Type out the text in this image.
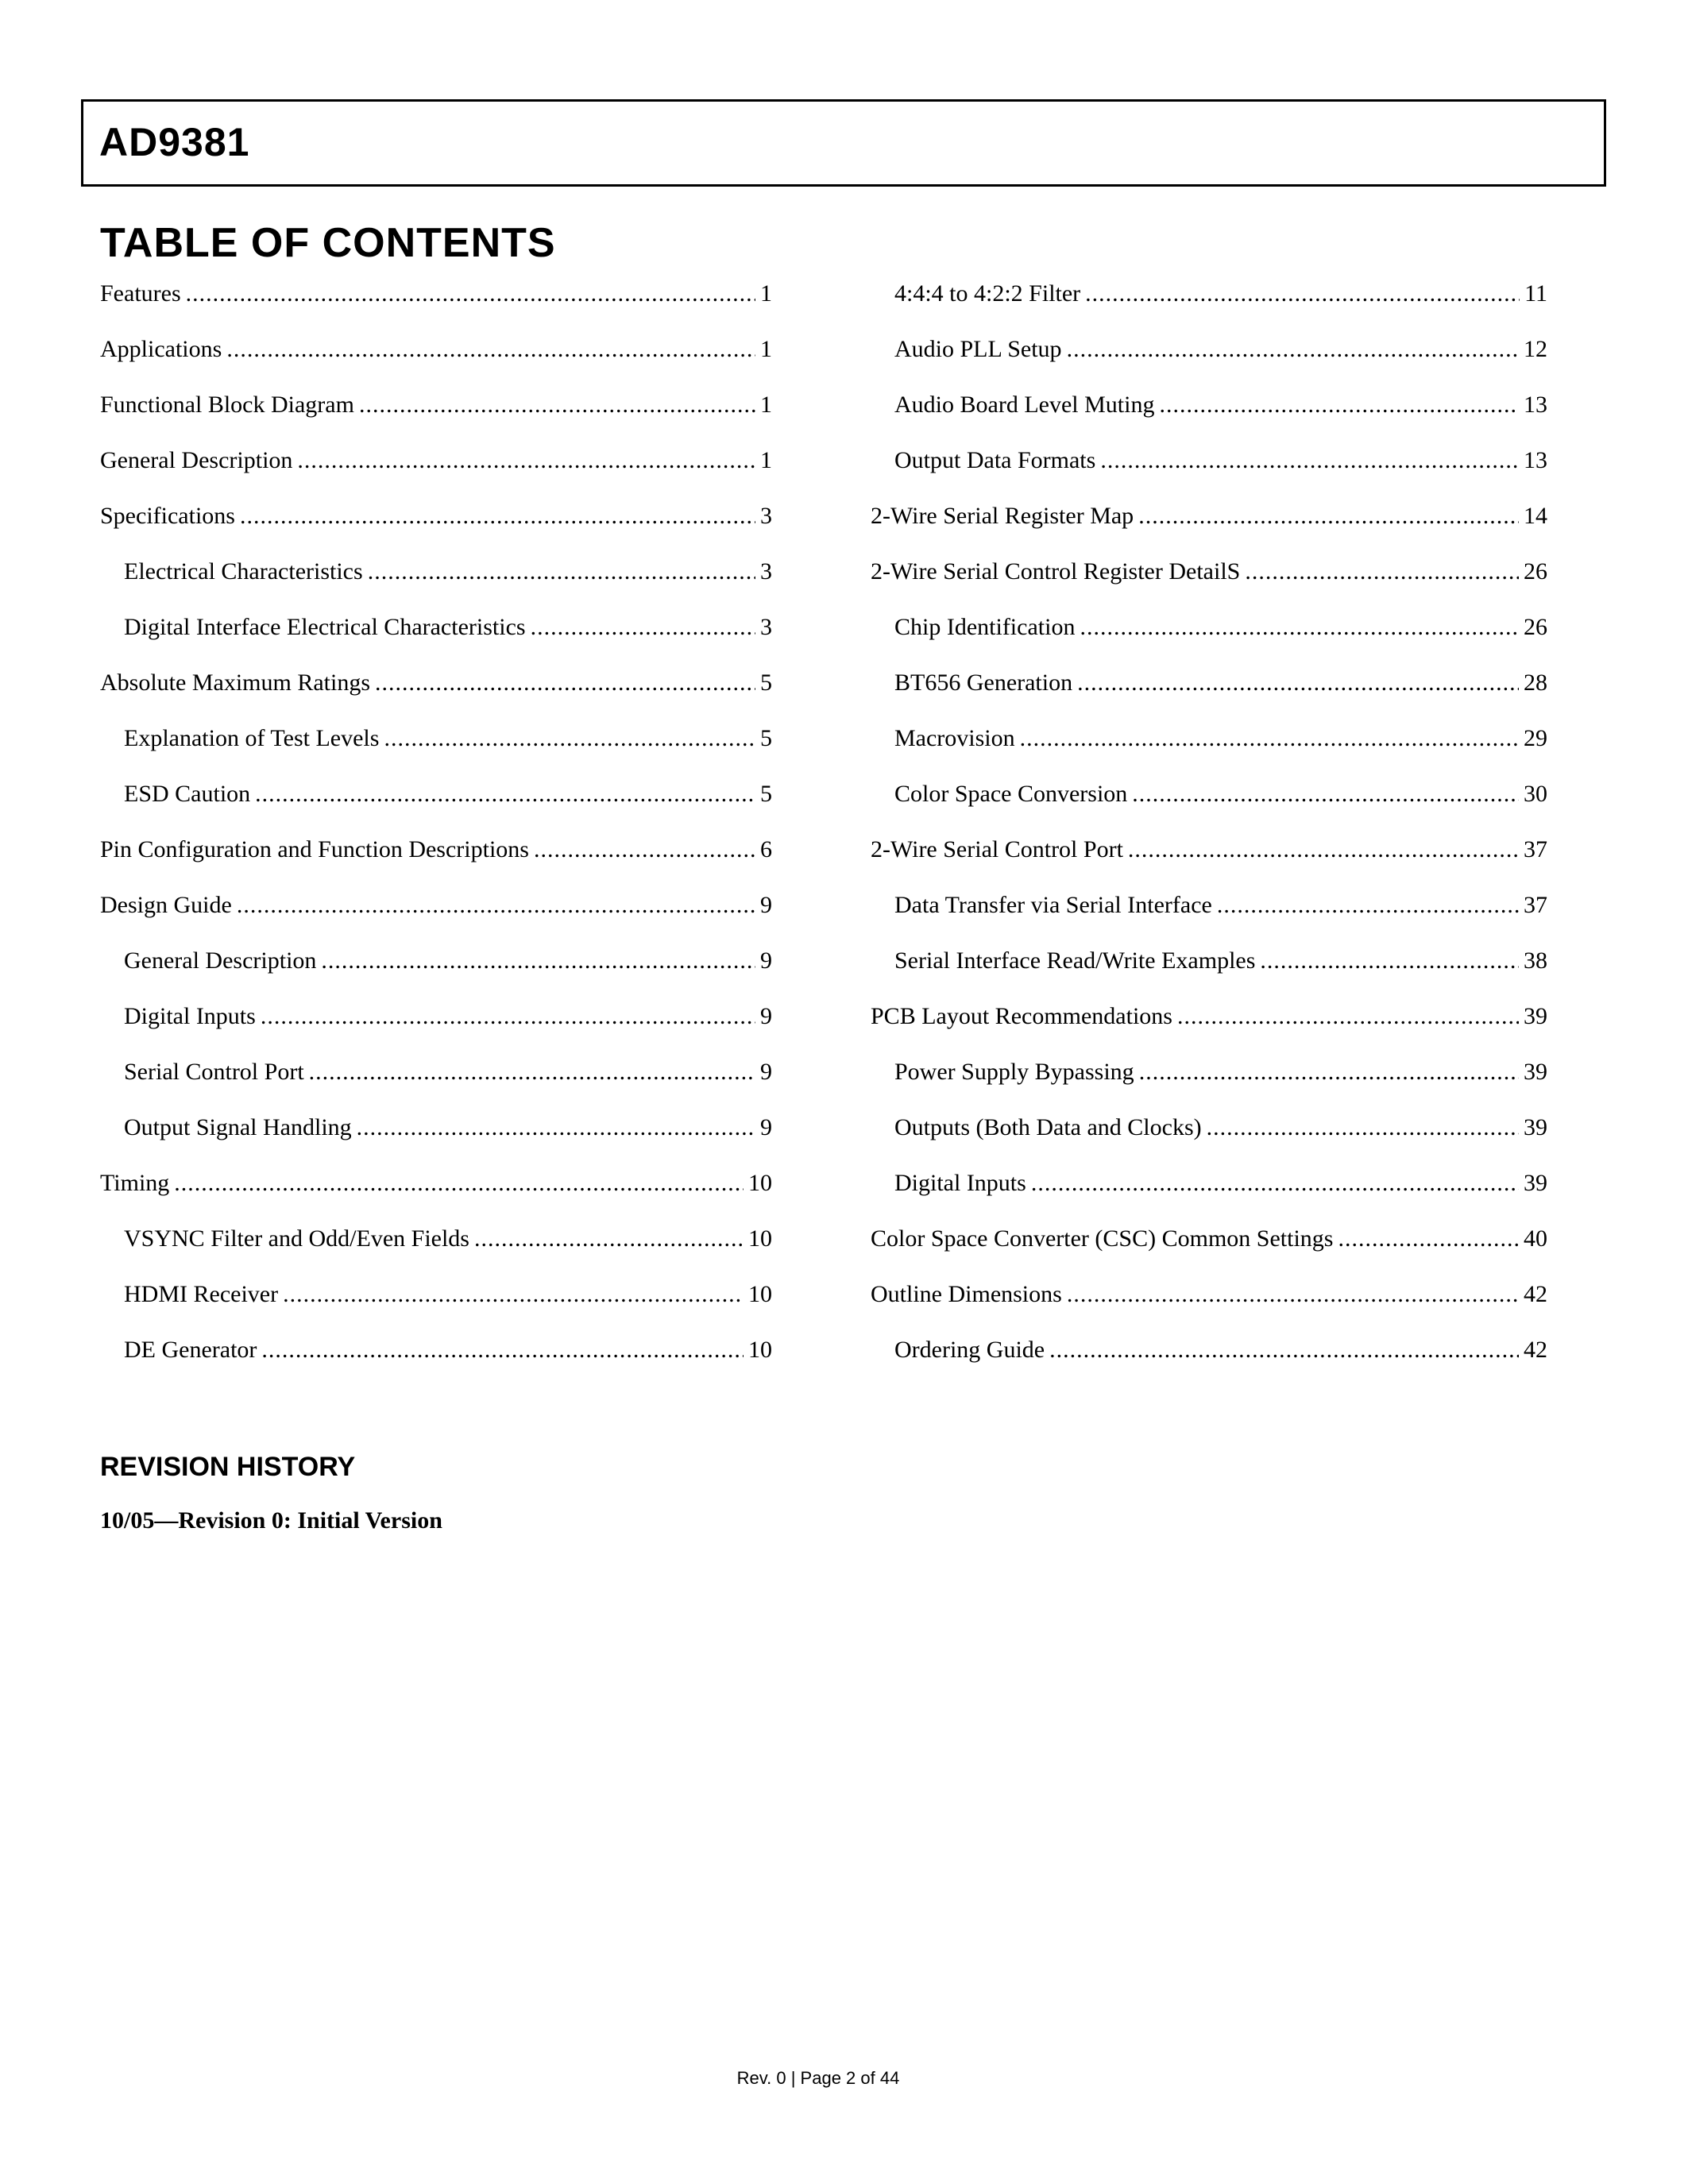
AD9381
TABLE OF CONTENTS
Features .....	1
Applications .....	1
Functional Block Diagram .....	1
General Description .....	1
Specifications .....	3
Electrical Characteristics .....	3
Digital Interface Electrical Characteristics .....	3
Absolute Maximum Ratings .....	5
Explanation of Test Levels .....	5
ESD Caution .....	5
Pin Configuration and Function Descriptions .....	6
Design Guide .....	9
General Description .....	9
Digital Inputs .....	9
Serial Control Port .....	9
Output Signal Handling .....	9
Timing .....	10
VSYNC Filter and Odd/Even Fields .....	10
HDMI Receiver .....	10
DE Generator .....	10
4:4:4 to 4:2:2 Filter .....	11
Audio PLL Setup .....	12
Audio Board Level Muting .....	13
Output Data Formats .....	13
2-Wire Serial Register Map .....	14
2-Wire Serial Control Register DetailS .....	26
Chip Identification .....	26
BT656 Generation .....	28
Macrovision .....	29
Color Space Conversion .....	30
2-Wire Serial Control Port .....	37
Data Transfer via Serial Interface .....	37
Serial Interface Read/Write Examples .....	38
PCB Layout Recommendations .....	39
Power Supply Bypassing .....	39
Outputs (Both Data and Clocks) .....	39
Digital Inputs .....	39
Color Space Converter (CSC) Common Settings .....	40
Outline Dimensions .....	42
Ordering Guide .....	42
REVISION HISTORY
10/05—Revision 0: Initial Version
Rev. 0 | Page 2 of 44
